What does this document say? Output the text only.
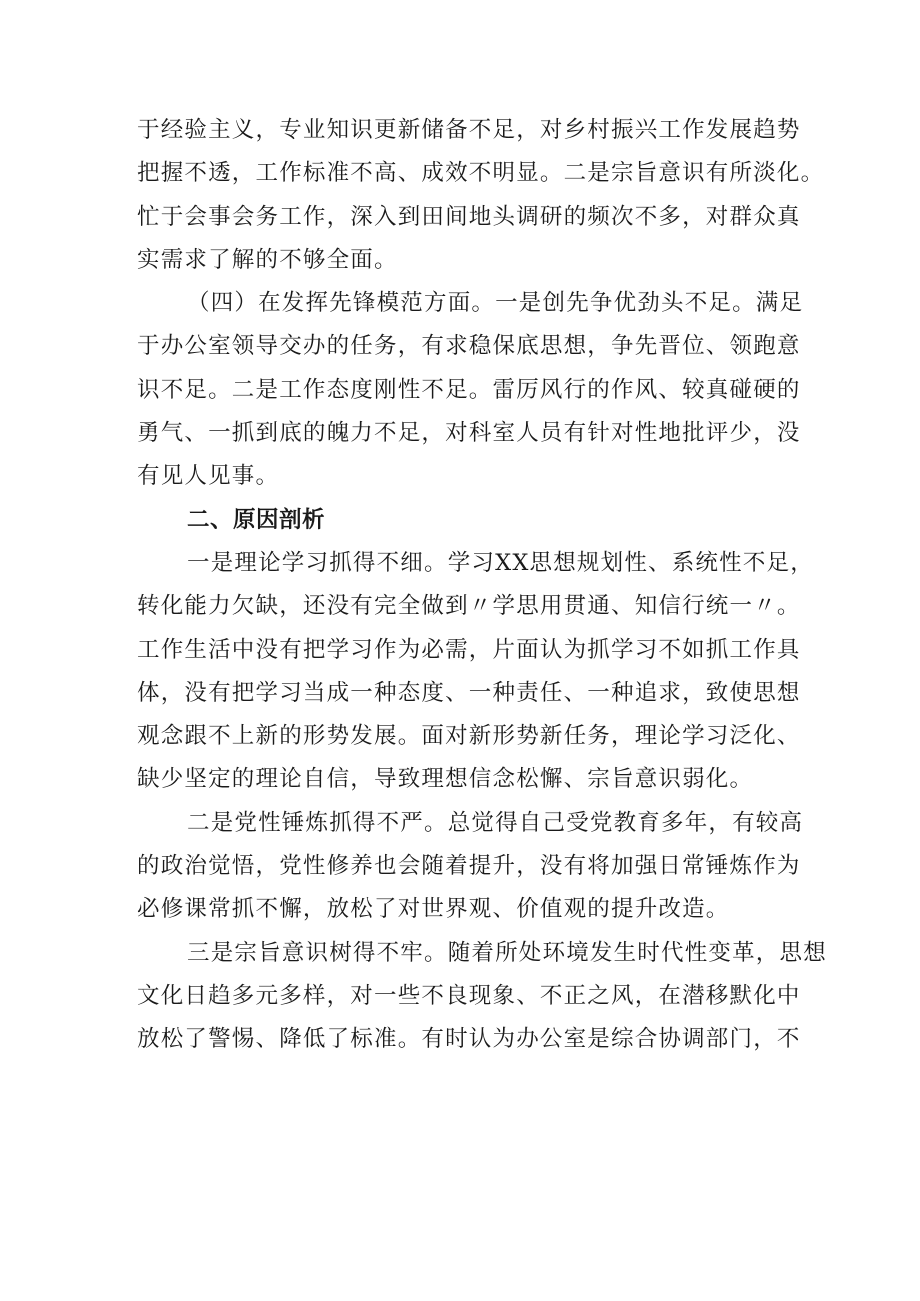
于经验主义，专业知识更新储备不足，对乡村振兴工作发展趋势
把握不透，工作标准不高、成效不明显。二是宗旨意识有所淡化。
忙于会事会务工作，深入到田间地头调研的频次不多，对群众真
实需求了解的不够全面。
（四）在发挥先锋模范方面。一是创先争优劲头不足。满足
于办公室领导交办的任务，有求稳保底思想，争先晋位、领跑意
识不足。二是工作态度刚性不足。雷厉风行的作风、较真碰硬的
勇气、一抓到底的魄力不足，对科室人员有针对性地批评少，没
有见人见事。
二、原因剖析
一是理论学习抓得不细。学习XX思想规划性、系统性不足，
转化能力欠缺，还没有完全做到〃学思用贯通、知信行统一〃。
工作生活中没有把学习作为必需，片面认为抓学习不如抓工作具
体，没有把学习当成一种态度、一种责任、一种追求，致使思想
观念跟不上新的形势发展。面对新形势新任务，理论学习泛化、
缺少坚定的理论自信，导致理想信念松懈、宗旨意识弱化。
二是党性锤炼抓得不严。总觉得自己受党教育多年，有较高
的政治觉悟，党性修养也会随着提升，没有将加强日常锤炼作为
必修课常抓不懈，放松了对世界观、价值观的提升改造。
三是宗旨意识树得不牢。随着所处环境发生时代性变革，思想
文化日趋多元多样，对一些不良现象、不正之风，在潜移默化中
放松了警惕、降低了标准。有时认为办公室是综合协调部门，不
